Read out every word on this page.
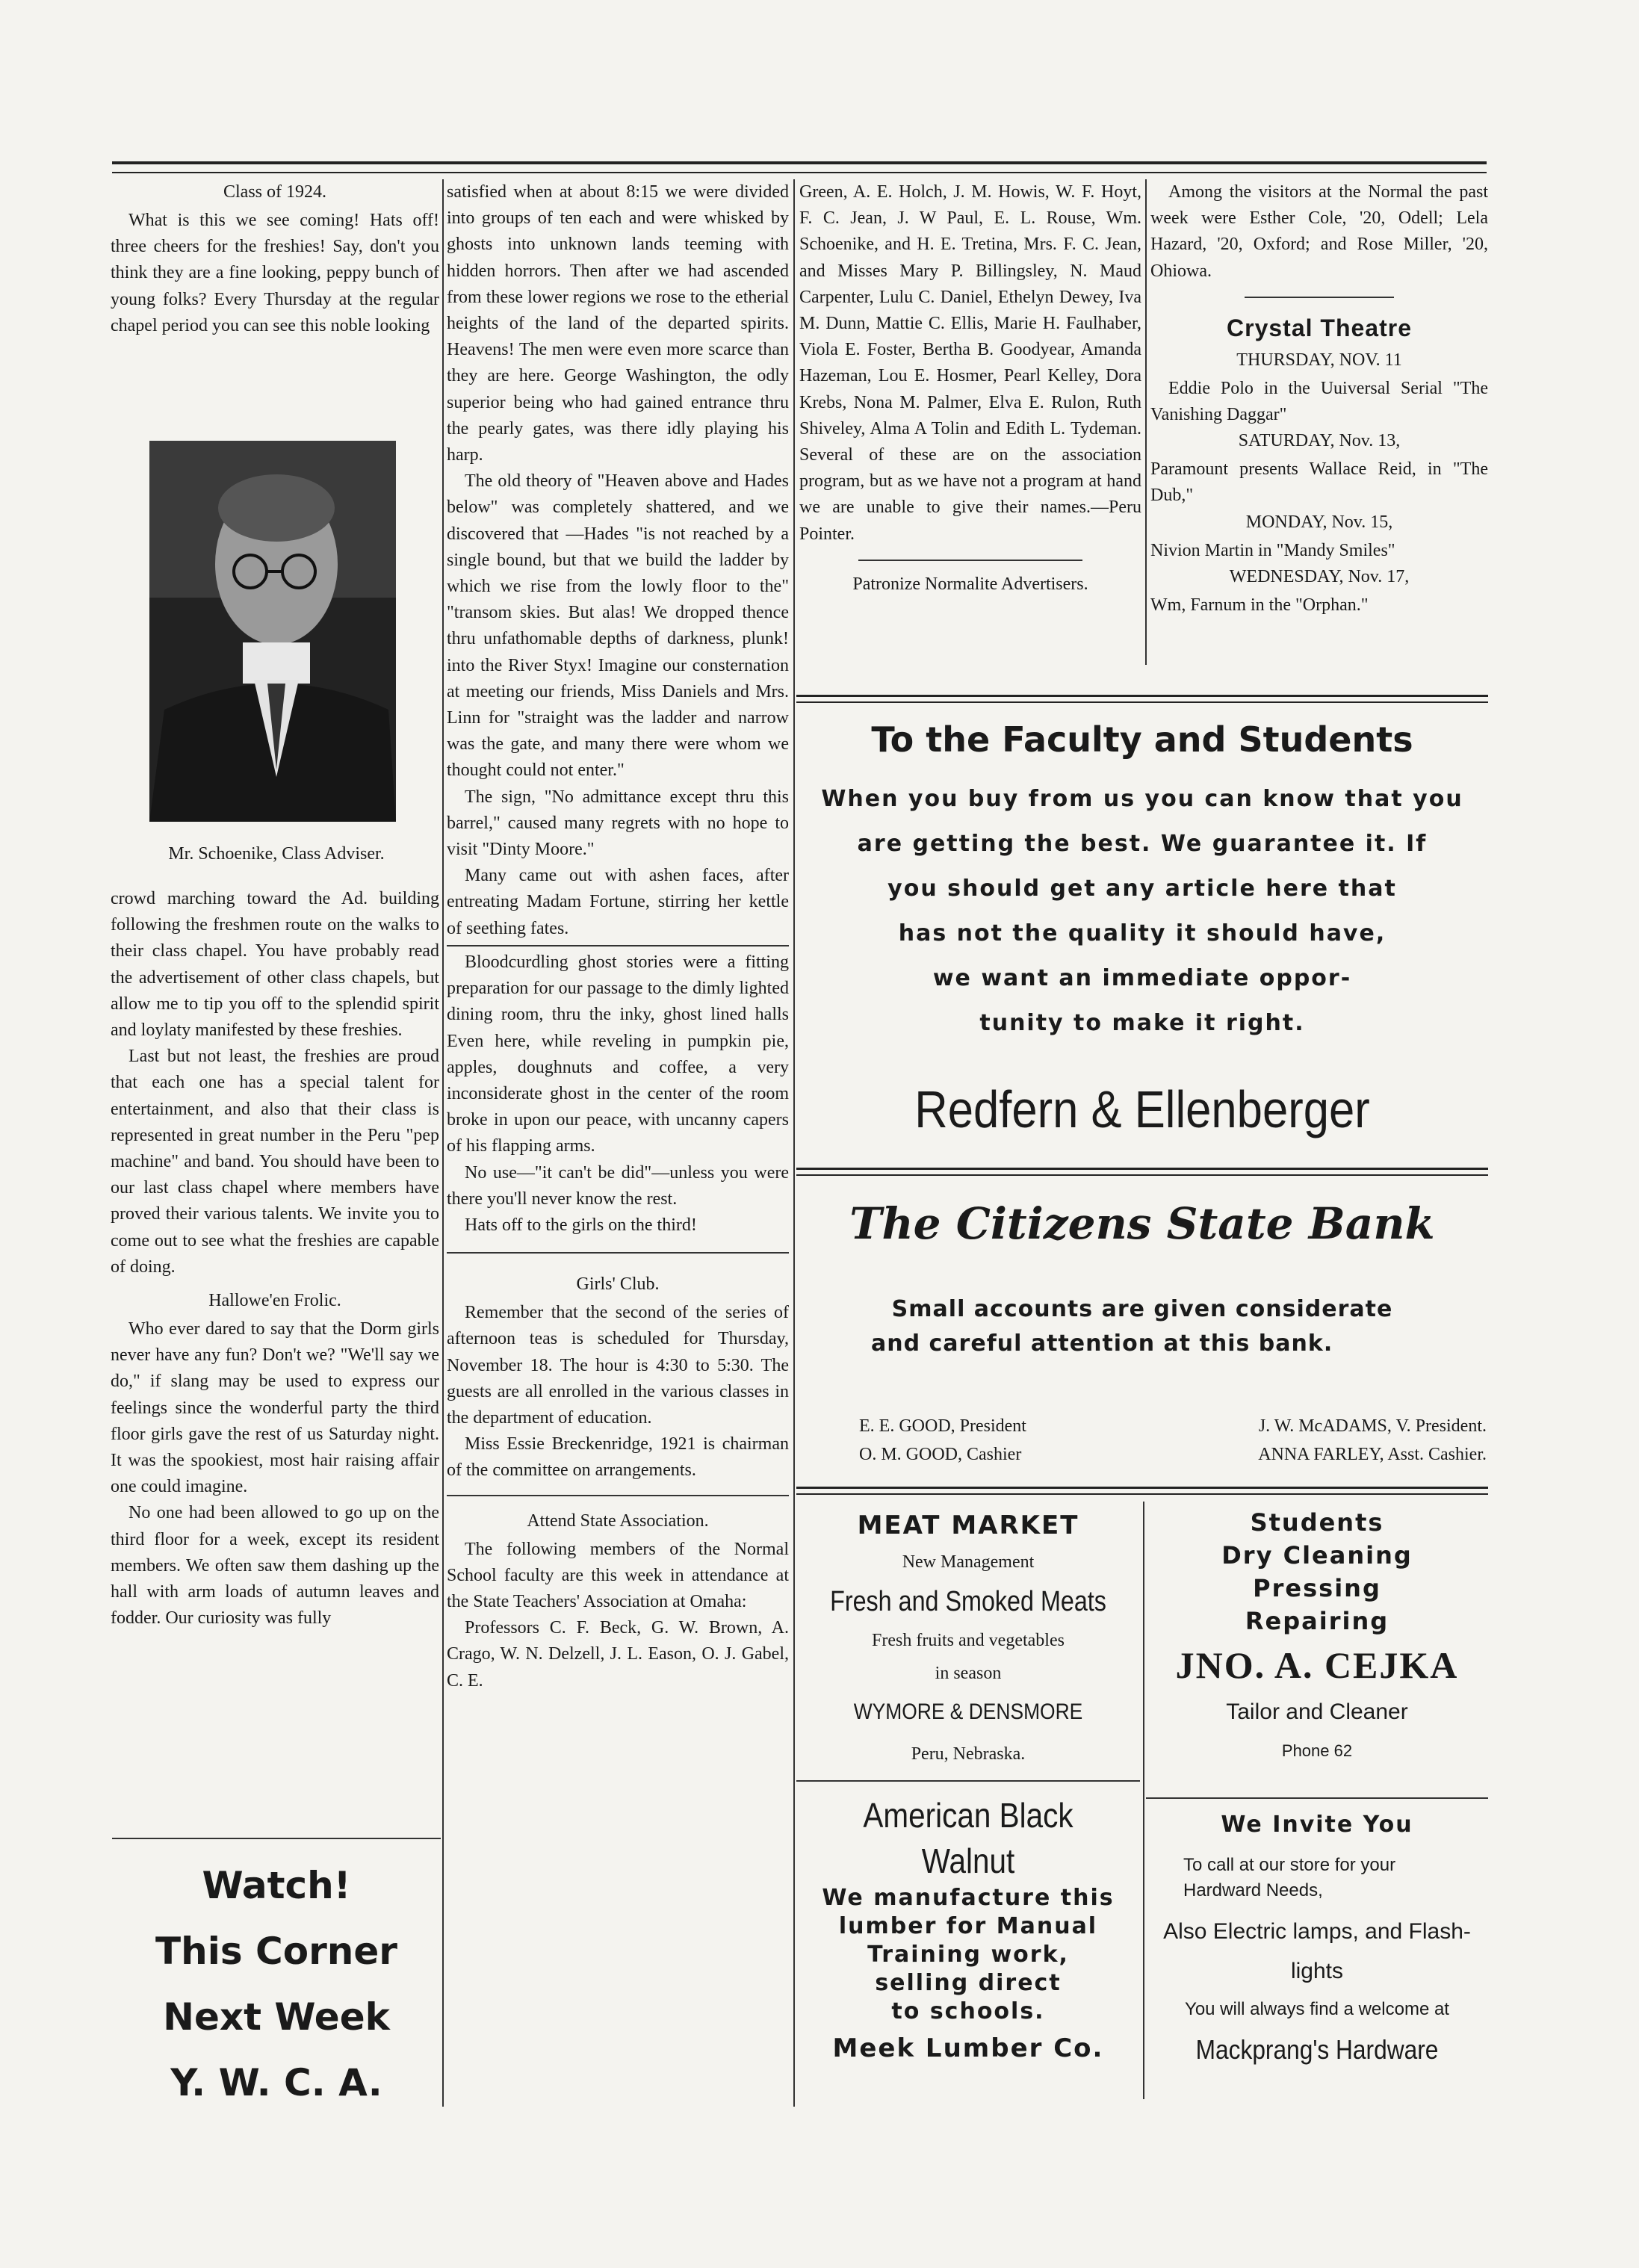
Class of 1924.

What is this we see coming! Hats off! three cheers for the freshies! Say, don't you think they are a fine looking, peppy bunch of young folks? Every Thursday at the regular chapel period you can see this noble looking

Mr. Schoenike, Class Adviser.

crowd marching toward the Ad. building following the freshmen route on the walks to their class chapel. You have probably read the advertisement of other class chapels, but allow me to tip you off to the splendid spirit and loylaty manifested by these freshies.

Last but not least, the freshies are proud that each one has a special talent for entertainment, and also that their class is represented in great number in the Peru "pep machine" and band. You should have been to our last class chapel where members have proved their various talents. We invite you to come out to see what the freshies are capable of doing.

Hallowe'en Frolic.

Who ever dared to say that the Dorm girls never have any fun? Don't we? "We'll say we do," if slang may be used to express our feelings since the wonderful party the third floor girls gave the rest of us Saturday night. It was the spookiest, most hair raising affair one could imagine.

No one had been allowed to go up on the third floor for a week, except its resident members. We often saw them dashing up the hall with arm loads of autumn leaves and fodder. Our curiosity was fully

Watch!
This Corner
Next Week
Y. W. C. A.

satisfied when at about 8:15 we were divided into groups of ten each and were whisked by ghosts into unknown lands teeming with hidden horrors. Then after we had ascended from these lower regions we rose to the etherial heights of the land of the departed spirits. Heavens! The men were even more scarce than they are here. George Washington, the odly superior being who had gained entrance thru the pearly gates, was there idly playing his harp.

The old theory of "Heaven above and Hades below" was completely shattered, and we discovered that —Hades "is not reached by a single bound, but that we build the ladder by which we rise from the lowly floor to the" "transom skies. But alas! We dropped thence thru unfathomable depths of darkness, plunk! into the River Styx! Imagine our consternation at meeting our friends, Miss Daniels and Mrs. Linn for "straight was the ladder and narrow was the gate, and many there were whom we thought could not enter."

The sign, "No admittance except thru this barrel," caused many regrets with no hope to visit "Dinty Moore."

Many came out with ashen faces, after entreating Madam Fortune, stirring her kettle of seething fates.

Bloodcurdling ghost stories were a fitting preparation for our passage to the dimly lighted dining room, thru the inky, ghost lined halls Even here, while reveling in pumpkin pie, apples, doughnuts and coffee, a very inconsiderate ghost in the center of the room broke in upon our peace, with uncanny capers of his flapping arms.

No use—"it can't be did"—unless you were there you'll never know the rest.

Hats off to the girls on the third!

Girls' Club.

Remember that the second of the series of afternoon teas is scheduled for Thursday, November 18. The hour is 4:30 to 5:30. The guests are all enrolled in the various classes in the department of education.

Miss Essie Breckenridge, 1921 is chairman of the committee on arrangements.

Attend State Association.

The following members of the Normal School faculty are this week in attendance at the State Teachers' Association at Omaha:

Professors C. F. Beck, G. W. Brown, A. Crago, W. N. Delzell, J. L. Eason, O. J. Gabel, C. E.

Green, A. E. Holch, J. M. Howis, W. F. Hoyt, F. C. Jean, J. W Paul, E. L. Rouse, Wm. Schoenike, and H. E. Tretina, Mrs. F. C. Jean, and Misses Mary P. Billingsley, N. Maud Carpenter, Lulu C. Daniel, Ethelyn Dewey, Iva M. Dunn, Mattie C. Ellis, Marie H. Faulhaber, Viola E. Foster, Bertha B. Goodyear, Amanda Hazeman, Lou E. Hosmer, Pearl Kelley, Dora Krebs, Nona M. Palmer, Elva E. Rulon, Ruth Shiveley, Alma A Tolin and Edith L. Tydeman. Several of these are on the association program, but as we have not a program at hand we are unable to give their names.—Peru Pointer.

Patronize Normalite Advertisers.

Among the visitors at the Normal the past week were Esther Cole, '20, Odell; Lela Hazard, '20, Oxford; and Rose Miller, '20, Ohiowa.

Crystal Theatre
THURSDAY, NOV. 11

Eddie Polo in the Uuiversal Serial "The Vanishing Daggar"

SATURDAY, Nov. 13,

Paramount presents Wallace Reid, in "The Dub,"

MONDAY, Nov. 15,

Nivion Martin in "Mandy Smiles"

WEDNESDAY, Nov. 17,

Wm, Farnum in the "Orphan."

To the Faculty and Students
When you buy from us you can know that you
are getting the best. We guarantee it. If
you should get any article here that
has not the quality it should have,
we want an immediate oppor-
tunity to make it right.
Redfern & Ellenberger
The Citizens State Bank
Small accounts are given considerate
and careful attention at this bank.
E. E. GOOD, President
O. M. GOOD, Cashier
J. W. McADAMS, V. President.
ANNA FARLEY, Asst. Cashier.
MEAT MARKET
New Management
Fresh and Smoked Meats
Fresh fruits and vegetables
in season
WYMORE & DENSMORE
Peru, Nebraska.
American Black
Walnut
We manufacture this
lumber for Manual
Training work,
selling direct
to schools.
Meek Lumber Co.
Students
Dry Cleaning
Pressing
Repairing
JNO. A. CEJKA
Tailor and Cleaner
Phone 62
We Invite You
To call at our store for your
Hardward Needs,
Also Electric lamps, and Flash-
lights
You will always find a welcome at
Mackprang's Hardware
